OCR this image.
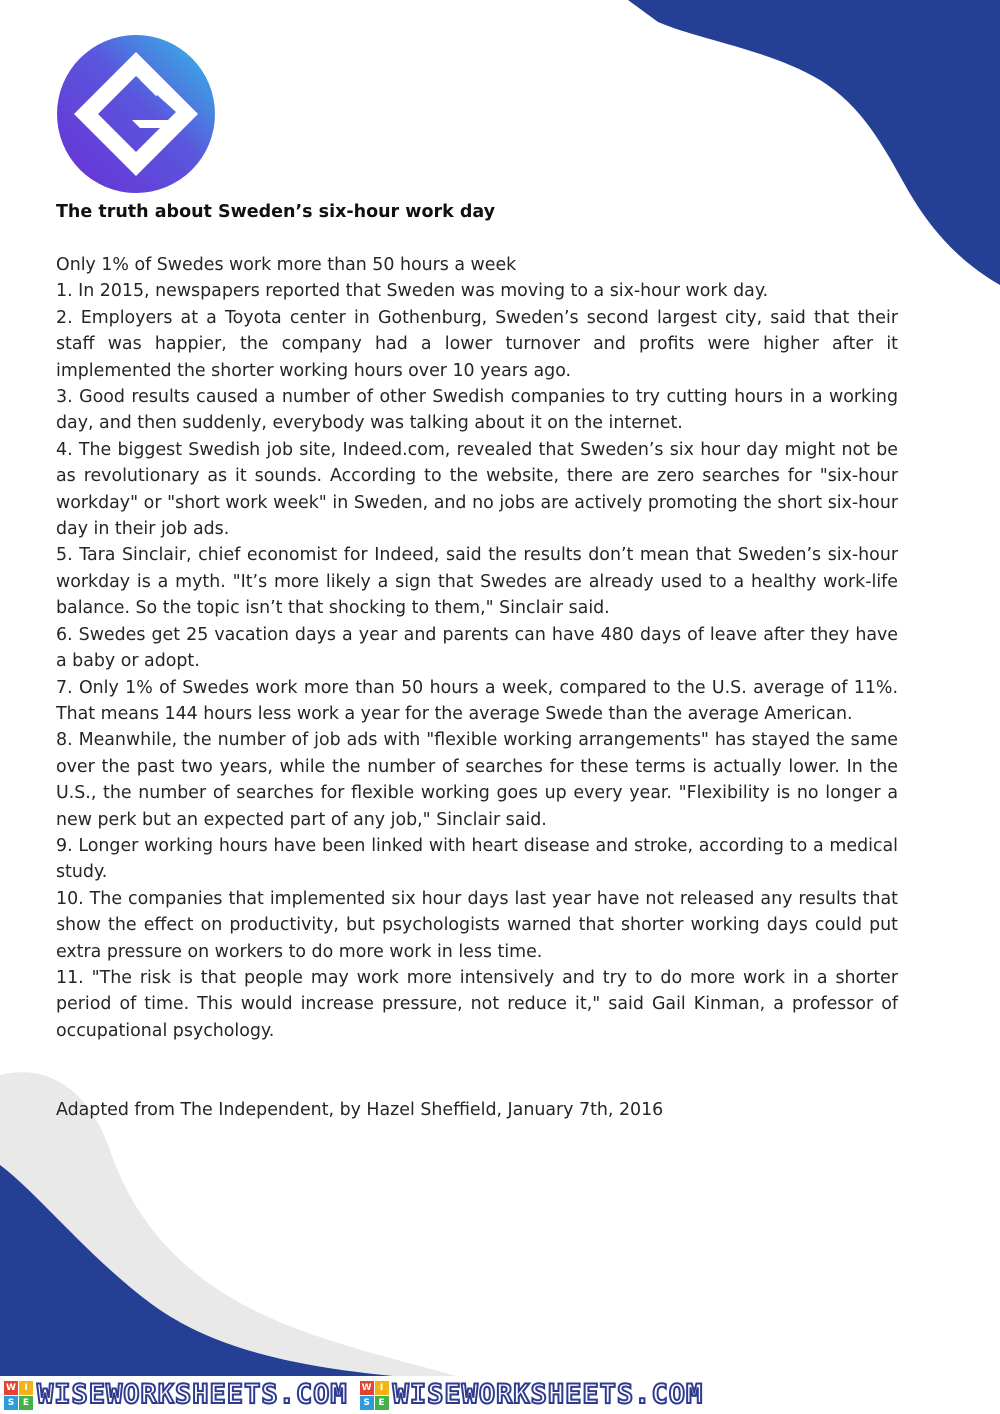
The truth about Sweden’s six-hour work day

Only 1% of Swedes work more than 50 hours a week

1. In 2015, newspapers reported that Sweden was moving to a six-hour work day.

2. Employers at a Toyota center in Gothenburg, Sweden’s second largest city, said that their staff was happier, the company had a lower turnover and profits were higher after it implemented the shorter working hours over 10 years ago.

3. Good results caused a number of other Swedish companies to try cutting hours in a working day, and then suddenly, everybody was talking about it on the internet.

4. The biggest Swedish job site, Indeed.com, revealed that Sweden’s six hour day might not be as revolutionary as it sounds. According to the website, there are zero searches for "six-hour workday" or "short work week" in Sweden, and no jobs are actively promoting the short six-hour day in their job ads.

5. Tara Sinclair, chief economist for Indeed, said the results don’t mean that Sweden’s six-hour workday is a myth. "It’s more likely a sign that Swedes are already used to a healthy work-life balance. So the topic isn’t that shocking to them," Sinclair said.

6. Swedes get 25 vacation days a year and parents can have 480 days of leave after they have a baby or adopt.

7. Only 1% of Swedes work more than 50 hours a week, compared to the U.S. average of 11%. That means 144 hours less work a year for the average Swede than the average American.

8. Meanwhile, the number of job ads with "flexible working arrangements" has stayed the same over the past two years, while the number of searches for these terms is actually lower. In the U.S., the number of searches for flexible working goes up every year. "Flexibility is no longer a new perk but an expected part of any job," Sinclair said.

9. Longer working hours have been linked with heart disease and stroke, according to a medical study.

10. The companies that implemented six hour days last year have not released any results that show the effect on productivity, but psychologists warned that shorter working days could put extra pressure on workers to do more work in less time.

11. "The risk is that people may work more intensively and try to do more work in a shorter period of time. This would increase pressure, not reduce it," said Gail Kinman, a professor of occupational psychology.

Adapted from The Independent, by Hazel Sheffield, January 7th, 2016

W I
S E WISEWORKSHEETS.COM W I
S E WISEWORKSHEETS.COM
